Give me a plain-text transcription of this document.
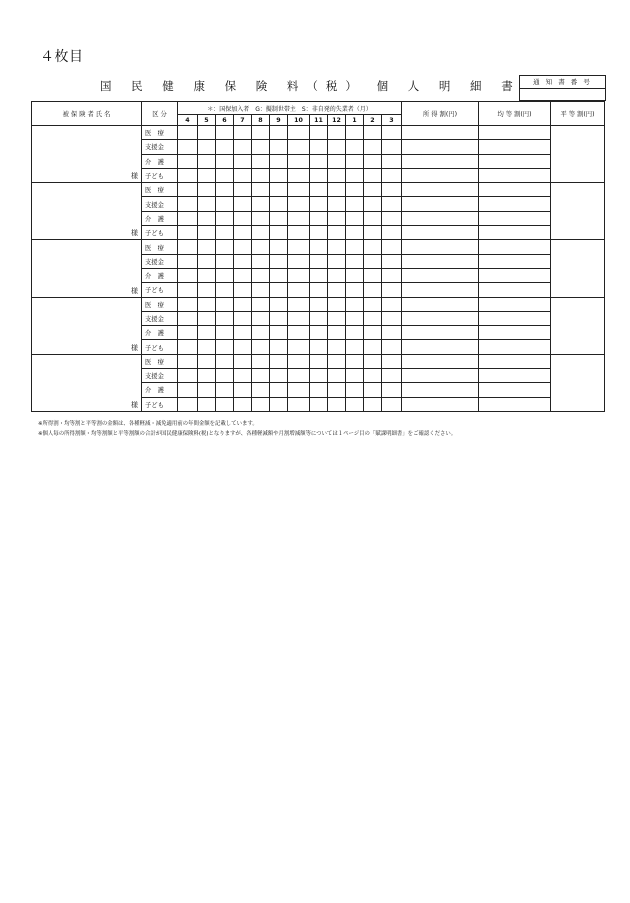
４枚目
国 民 健 康 保 険 料（税） 個 人 明 細 書	通 知 書 番 号
被 保 険 者 氏 名	区 分	＊：国保加入者　G：擬制世帯主　S：非自発的失業者（月）												所 得 割(円)	均 等 割(円)	平 等 割(円)
		4	5	6	7	8	9	10	11	12	1	2	3			
様	医　療															
	支援金															
	介　護															
	子ども															
様	医　療															
	支援金															
	介　護															
	子ども															
様	医　療															
	支援金															
	介　護															
	子ども															
様	医　療															
	支援金															
	介　護															
	子ども															
様	医　療															
	支援金															
	介　護															
	子ども															
※所得割・均等割と平等割の金額は、各種軽減・減免適用前の年間金額を記載しています。
※個人毎の所得割額・均等割額と平等割額の合計が国民健康保険料(税)となりますが、各種軽減額や月割増減額等については１ページ目の「賦課明細書」をご確認ください。
